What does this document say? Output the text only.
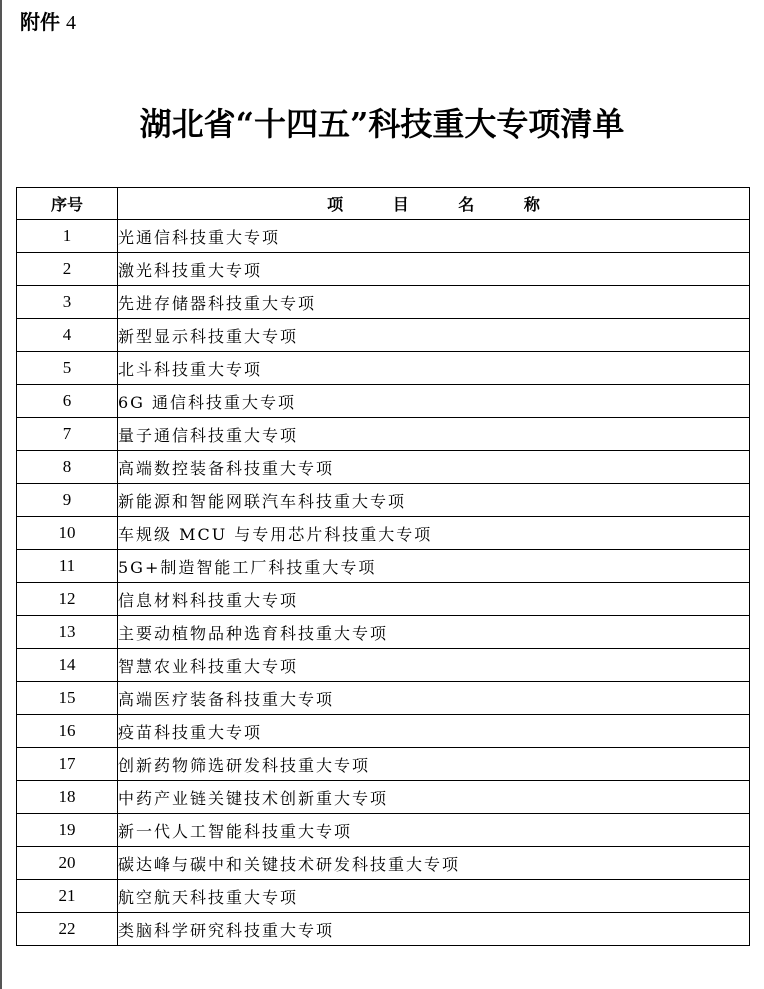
附件 4
湖北省“十四五”科技重大专项清单
序号	项 目 名 称
1	光通信科技重大专项
2	激光科技重大专项
3	先进存储器科技重大专项
4	新型显示科技重大专项
5	北斗科技重大专项
6	6G 通信科技重大专项
7	量子通信科技重大专项
8	高端数控装备科技重大专项
9	新能源和智能网联汽车科技重大专项
10	车规级 MCU 与专用芯片科技重大专项
11	5G+制造智能工厂科技重大专项
12	信息材料科技重大专项
13	主要动植物品种选育科技重大专项
14	智慧农业科技重大专项
15	高端医疗装备科技重大专项
16	疫苗科技重大专项
17	创新药物筛选研发科技重大专项
18	中药产业链关键技术创新重大专项
19	新一代人工智能科技重大专项
20	碳达峰与碳中和关键技术研发科技重大专项
21	航空航天科技重大专项
22	类脑科学研究科技重大专项
